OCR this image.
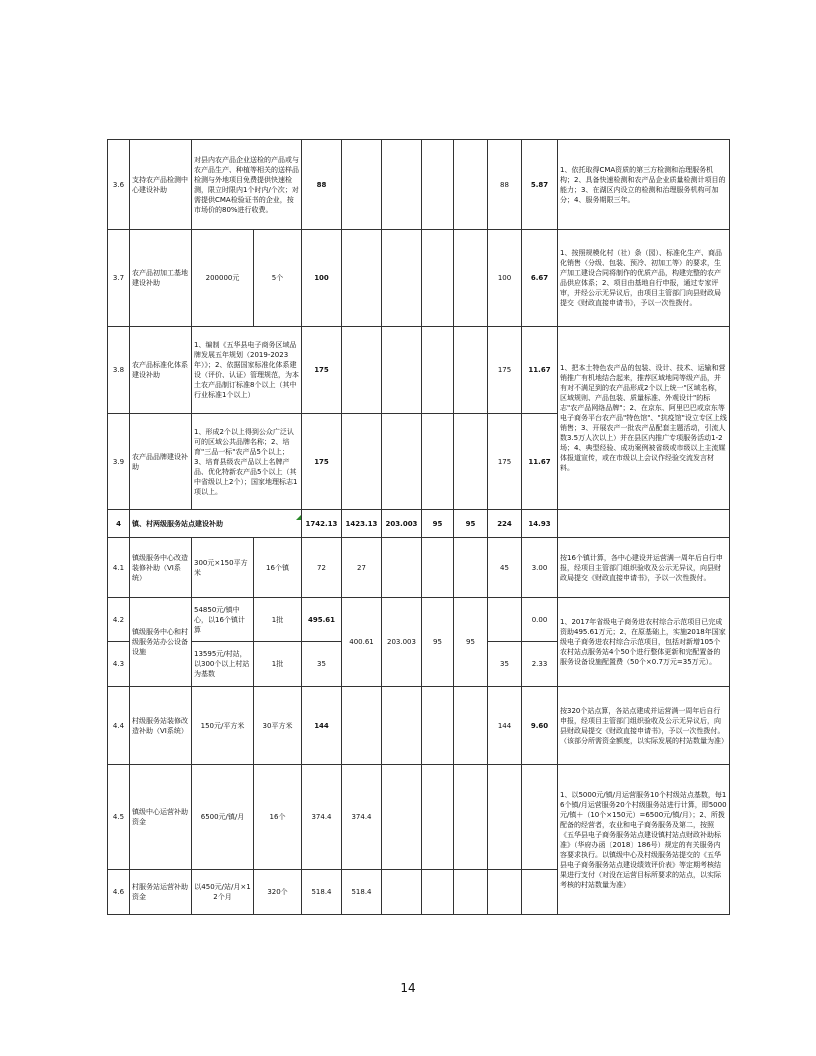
3.6	支持农产品检测中心建设补助	对县内农产品企业送检的产品或与农产品生产、种植等相关的送样品检测与外地项目免费提供快速检测，限立时限内1个时内/个次；对需提供CMA检验证书的企业，按市场价的80%进行收费。		88					88	5.87	1、依托取得CMA资质的第三方检测和治理服务机构；2、具备快速检测和农产品企业质量检测计项目的能力；3、在湖区内设立的检测和治理服务机构可加分；4、服务期限三年。
3.7	农产品初加工基地建设补助	200000元	5个	100					100	6.67	1、按照规模化村（社）条（园）、标准化生产、商品化销售（分级、包装、预冷、初加工等）的要求，生产加工建设合同将制作的优质产品，构建完整的农产品供应体系；2、项目由基地自行申报，通过专家评审，并经公示无异议后，由项目主管部门向县财政局提交《财政直接申请书》，予以一次性拨付。
3.8	农产品标准化体系建设补助	1、编制《五华县电子商务区域品牌发展五年规划（2019-2023年）》；2、依据国家标准化体系建设（评价、认证）管理规范，为本土农产品制订标准8个以上（其中行业标准1个以上）		175					175	11.67	1、把本土特色农产品的包装、设计、技术、运输和营销推广有机地结合起来，推荐区域地同等级产品，并有对不满足到的农产品形成2个以上统一"区域名称，区域规则、产品包装、质量标准、外观设计"的标志"农产品网络品牌"；2、在京东、阿里巴巴或京东等电子商务平台农产品"特色馆"、"抗疫馆"设立专区上线销售；3、开展农产一批农产品配套主题活动，引流人数3.5万人次以上）并在县区内推广专项服务活动1-2场；4、典型经验、成功案例被省级或市级以上主流媒体报道宣传，或在市级以上会议作经验交流发言材料。
3.9	农产品品牌建设补助	1、形成2个以上得到公众广泛认可的区域公共品牌名称；2、培育"三品一标"农产品5个以上；3、培育县级农产品以上名牌产品、优化特新农产品5个以上（其中省级以上2个）；国家地理标志1项以上。		175					175	11.67	
4	镇、村两级服务站点建设补助			1742.13	1423.13	203.003	95	95	224	14.93	
4.1	镇级服务中心改造装修补助（VI系统）	300元×150平方米	16个镇	72	27				45	3.00	按16个镇计算，各中心建设并运营满一周年后自行申报，经项目主管部门组织验收及公示无异议，向县财政局提交《财政直接申请书》，予以一次性拨付。
4.2	镇级服务中心和村级服务站办公设备设施	54850元/镇中心，以16个镇计算	1批	495.61	400.61	203.003	95	95		0.00	1、2017年省级电子商务进农村综合示范项目已完成资助495.61万元；2、在原基础上，实施2018年国家级电子商务进农村综合示范项目，包括对新增105个农村站点服务站4个50个进行整体更新和完配置备的服务设备设施配置费（50个×0.7万元=35万元）。
4.3		13595元/村站，以300个以上村站为基数	1批	35					35	2.33	
4.4	村级服务站装修改造补助（VI系统）	150元/平方米	30平方米	144					144	9.60	按320个站点算，各站点建成并运营满一周年后自行申报，经项目主管部门组织验收及公示无异议后，向县财政局提交《财政直接申请书》，予以一次性拨付。（该部分所需资金额度，以实际发展的村站数量为准）
4.5	镇级中心运营补助资金	6500元/镇/月	16个	374.4	374.4						1、以5000元/镇/月运营服务10个村级站点基数，每16个镇/月运营服务20个村级服务站进行计算，即5000元/镇＋（10个×150元）=6500元/镇/月）；2、所拨配备的经营者，农业和电子商务服务及第二，按照《五华县电子商务服务站点建设镇村站点财政补助标准》（华府办函〔2018〕186号）规定的有关服务内容要求执行。以镇级中心及村级服务站提交的《五华县电子商务服务站点建设绩效评价表》等定期考核结果进行支付（对没在运营目标所要求的站点，以实际考核的村站数量为准）
4.6	村服务站运营补助资金	以450元/站/月×12个月	320个	518.4	518.4						
14
